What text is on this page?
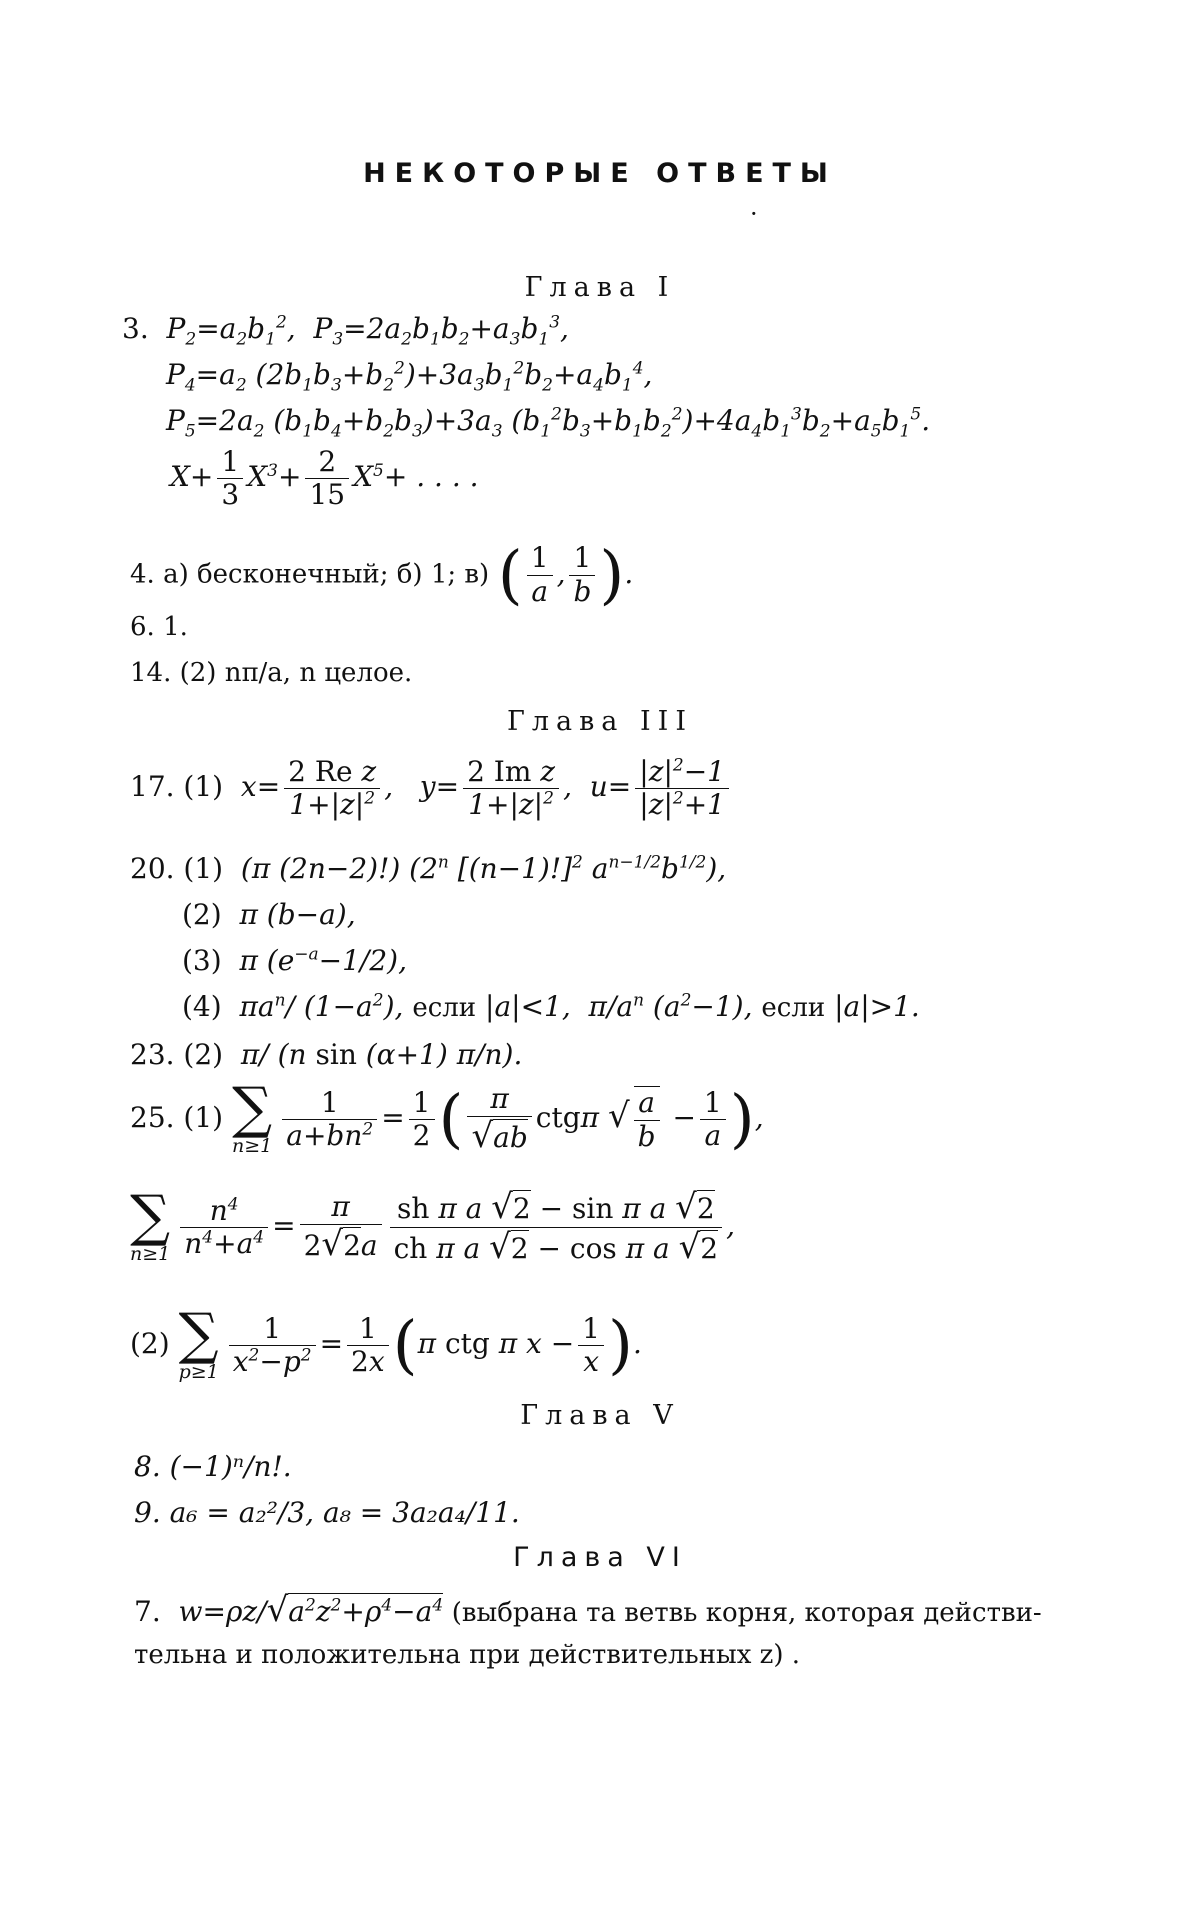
НЕКОТОРЫЕ ОТВЕТЫ
·
Глава I
3.  $P_2=a_2b_1^2$,  $P_3=2a_2b_1b_2+a_3b_1^3$,
$P_4=a_2$ $(2b_1b_3+b_2^2)+3a_3b_1^2b_2+a_4b_1^4$,
$P_5=2a_2$ $(b_1b_4+b_2b_3)+3a_3$ $(b_1^2b_3+b_1b_2^2)+4a_4b_1^3b_2+a_5b_1^5$.
$X+ \frac{1}{3} X^3+ \frac{2}{15} X^5+$ . . . .
4. a) бесконечный; б) 1; в) ( $\frac{1}{a}$ , $\frac{1}{b}$ ).
6. 1.
14. (2) nπ/a, n целое.
Глава III
17. (1)  $x= \frac{\text{2 Re z}}{1+|z|^2}$ ,   $y= \frac{\text{2 Im z}}{1+|z|^2}$ ,  $u= \frac{|z|^2-1}{|z|^2+1}$
20. (1)  (π (2n−2)!) (2$^n$ $[(n-1)!]^2$ $a^{n-1/2}b^{1/2}$),
(2)  π (b−a),
(3)  π $(e^{-a}-1/2)$,
(4)  $\pi a^n/$ $(1-a^2)$, если |a|<1,  $\pi/a^n$ $(a^2-1)$, если |a|>1.
23. (2)  π/ (n sin (α+1) π/n).
25. (1) ∑
$n\ge 1 \frac{1}{a+bn^2} = \frac{1}{2}$ ( $\frac{\pi}{√ab}$ ctgπ √ $\frac{a}{b} - \frac{1}{a}$ ),
∑
$n\ge 1 \frac{n^4}{n^4+a^4} = \frac{\pi}{2√2a} \frac{\text{sh π a √2 − sin π a √2}}{\text{ch π a √2 − cos π a √2}}$ ,
(2) ∑
$p\ge 1 \frac{1}{x^2-p^2} = \frac{1}{2x} (\pi$ ctg π $x - \frac{1}{x}$ ).
Глава V
8. (−1)ⁿ/n!.
9. a₆ = a₂²/3, a₈ = 3a₂a₄/11.
Глава VI
7.  $w=\rho z/√a^2z^2+\rho^4-a^4$ (выбрана та ветвь корня, которая действи-
тельна и положительна при действительных z) .
